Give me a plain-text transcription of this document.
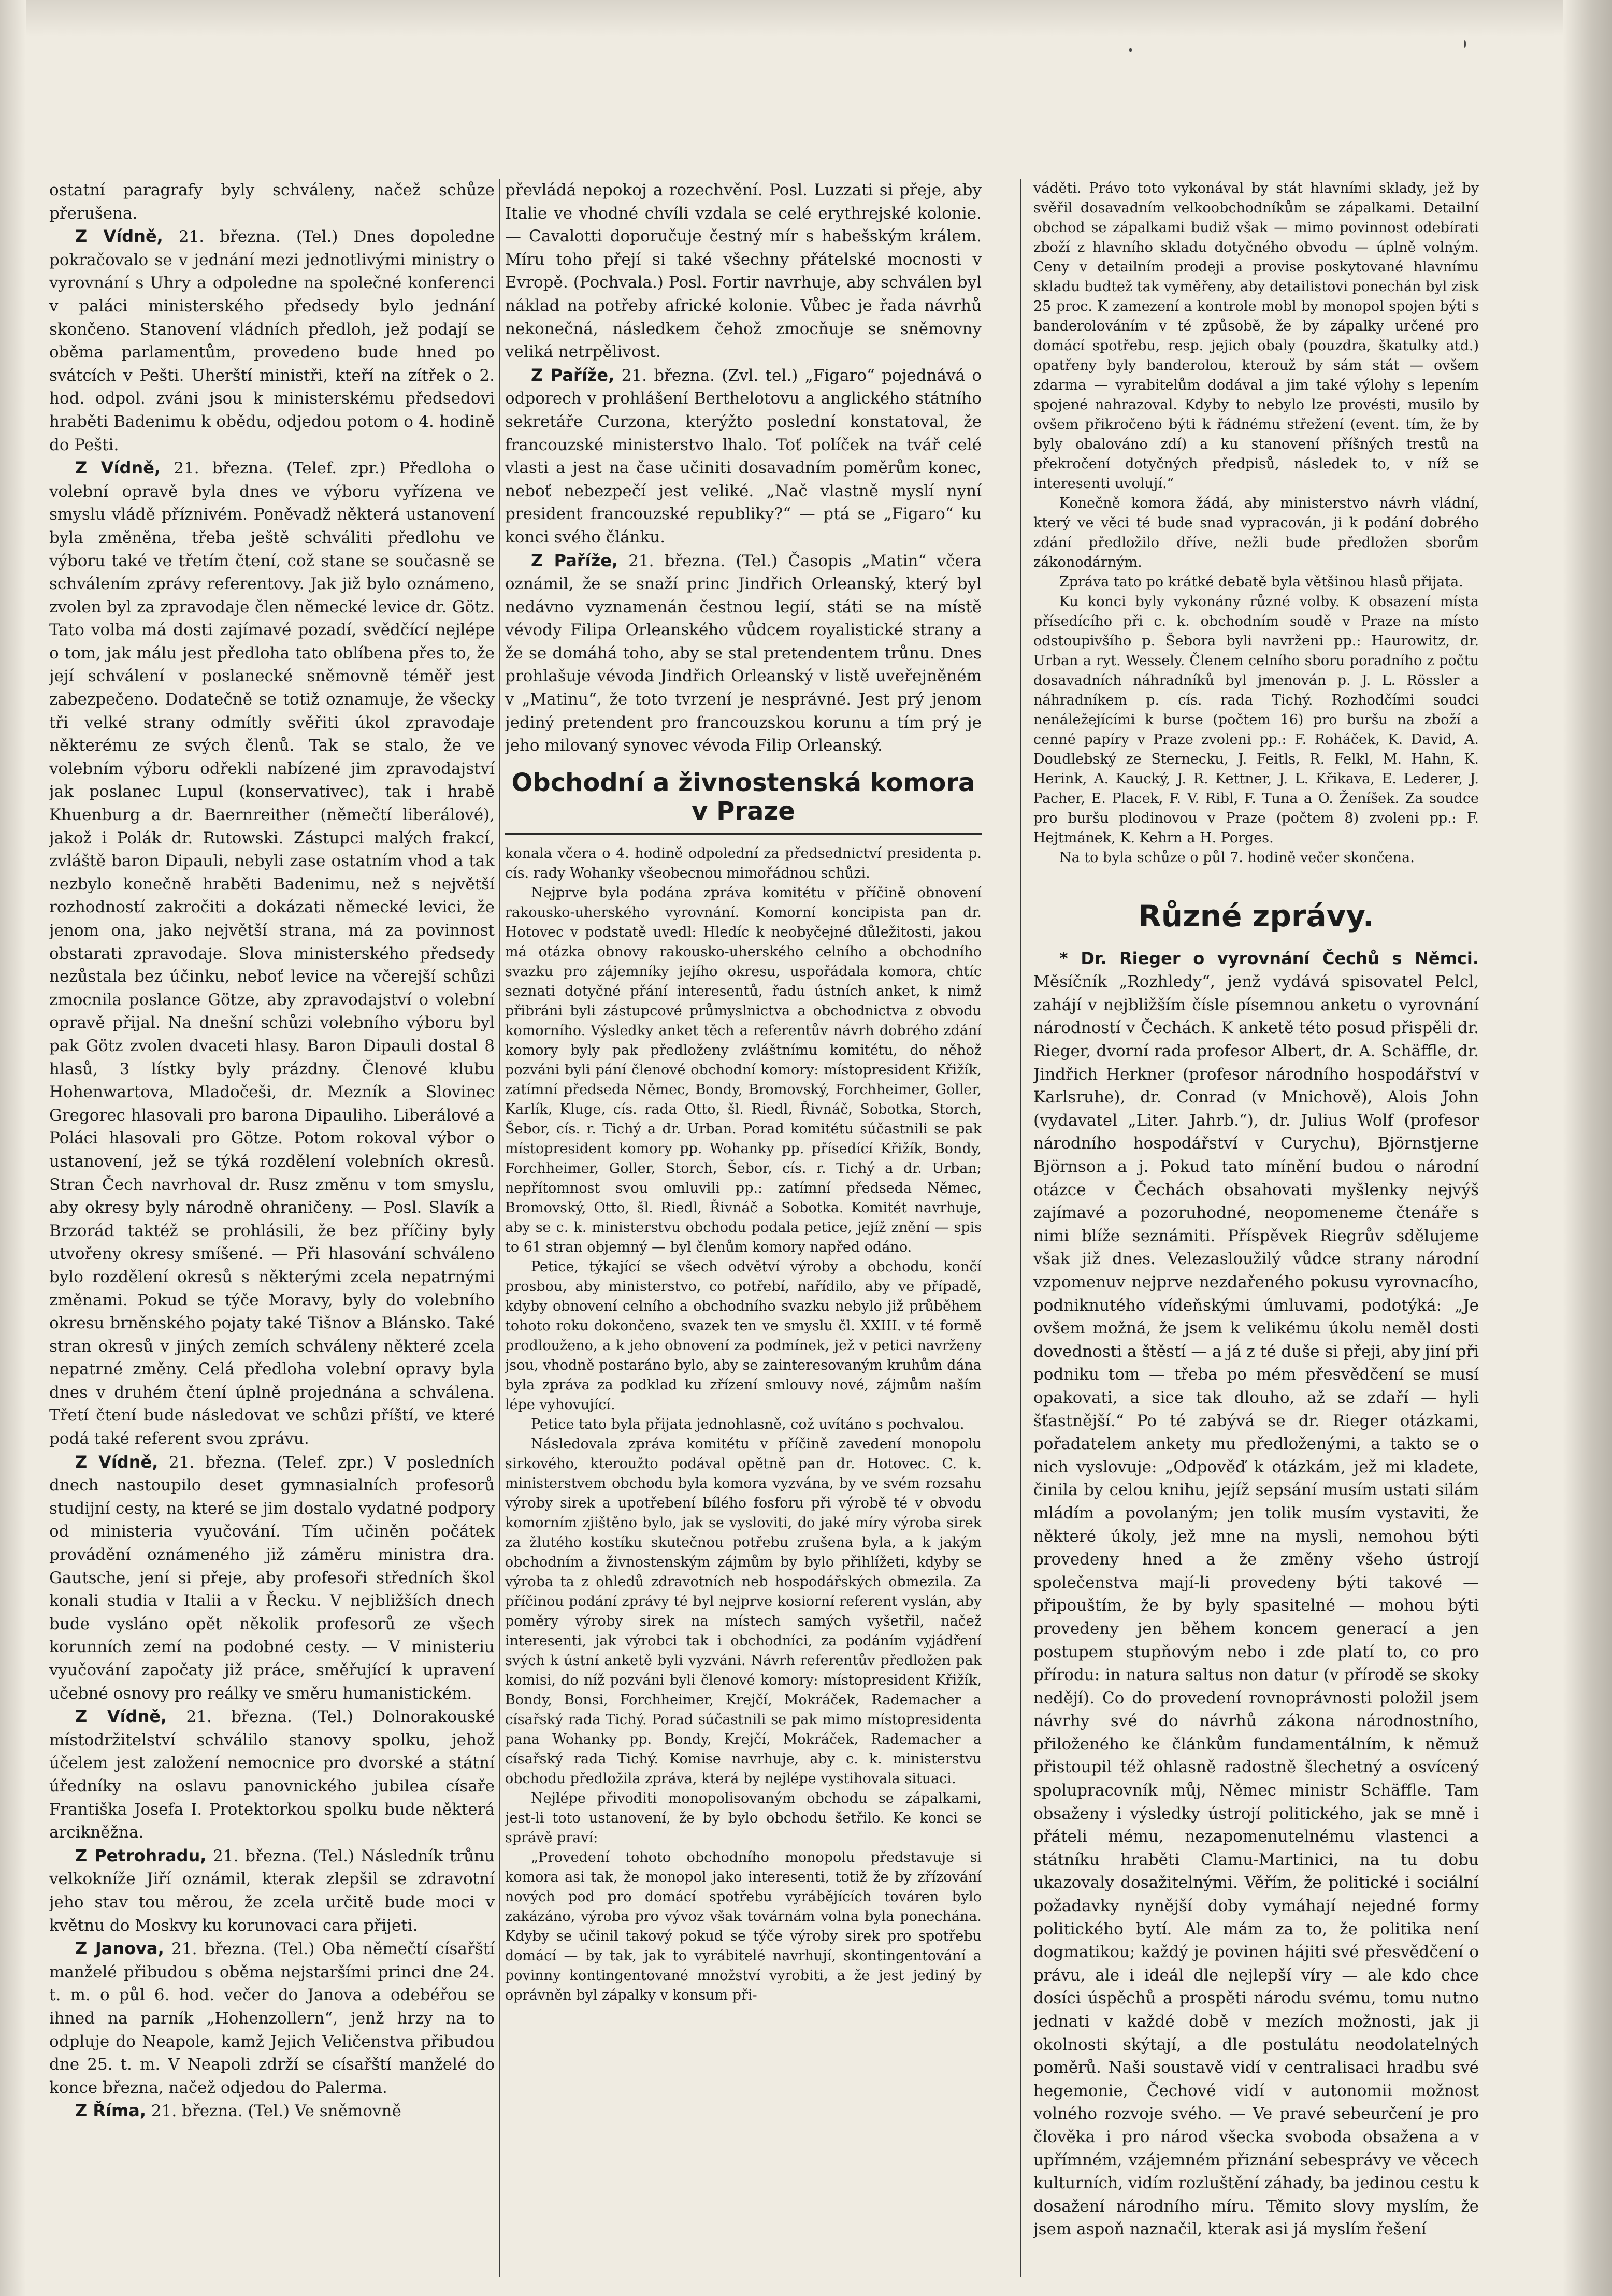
ostatní paragrafy byly schváleny, načež schůze přerušena.

Z Vídně, 21. března. (Tel.) Dnes dopoledne pokračovalo se v jednání mezi jednotlivými ministry o vyrovnání s Uhry a odpoledne na společné konferenci v paláci ministerského předsedy bylo jednání skončeno. Stanovení vládních předloh, jež podají se oběma parlamentům, provedeno bude hned po svátcích v Pešti. Uherští ministři, kteří na zítřek o 2. hod. odpol. zváni jsou k ministerskému předsedovi hraběti Badenimu k obědu, odjedou potom o 4. hodině do Pešti.

Z Vídně, 21. března. (Telef. zpr.) Předloha o volební opravě byla dnes ve výboru vyřízena ve smyslu vládě příznivém. Poněvadž některá ustanovení byla změněna, třeba ještě schváliti předlohu ve výboru také ve třetím čtení, což stane se současně se schválením zprávy referentovy. Jak již bylo oznámeno, zvolen byl za zpravodaje člen německé levice dr. Götz. Tato volba má dosti zajímavé pozadí, svědčící nejlépe o tom, jak málu jest předloha tato oblíbena přes to, že její schválení v poslanecké sněmovně téměř jest zabezpečeno. Dodatečně se totiž oznamuje, že všecky tři velké strany odmítly svěřiti úkol zpravodaje některému ze svých členů. Tak se stalo, že ve volebním výboru odřekli nabízené jim zpravodajství jak poslanec Lupul (konservativec), tak i hrabě Khuenburg a dr. Baernreither (němečtí liberálové), jakož i Polák dr. Rutowski. Zástupci malých frakcí, zvláště baron Dipauli, nebyli zase ostatním vhod a tak nezbylo konečně hraběti Badenimu, než s největší rozhodností zakročiti a dokázati německé levici, že jenom ona, jako největší strana, má za povinnost obstarati zpravodaje. Slova ministerského předsedy nezůstala bez účinku, neboť levice na včerejší schůzi zmocnila poslance Götze, aby zpravodajství o volební opravě přijal. Na dnešní schůzi volebního výboru byl pak Götz zvolen dvaceti hlasy. Baron Dipauli dostal 8 hlasů, 3 lístky byly prázdny. Členové klubu Hohenwartova, Mladočeši, dr. Mezník a Slovinec Gregorec hlasovali pro barona Dipauliho. Liberálové a Poláci hlasovali pro Götze. Potom rokoval výbor o ustanovení, jež se týká rozdělení volebních okresů. Stran Čech navrhoval dr. Rusz změnu v tom smyslu, aby okresy byly národně ohraničeny. — Posl. Slavík a Brzorád taktéž se prohlásili, že bez příčiny byly utvořeny okresy smíšené. — Při hlasování schváleno bylo rozdělení okresů s některými zcela nepatrnými změnami. Pokud se týče Moravy, byly do volebního okresu brněnského pojaty také Tišnov a Blánsko. Také stran okresů v jiných zemích schváleny některé zcela nepatrné změny. Celá předloha volební opravy byla dnes v druhém čtení úplně projednána a schválena. Třetí čtení bude následovat ve schůzi příští, ve které podá také referent svou zprávu.

Z Vídně, 21. března. (Telef. zpr.) V posledních dnech nastoupilo deset gymnasialních profesorů studijní cesty, na které se jim dostalo vydatné podpory od ministeria vyučování. Tím učiněn počátek provádění oznámeného již záměru ministra dra. Gautsche, jení si přeje, aby profesoři středních škol konali studia v Italii a v Řecku. V nejbližších dnech bude vysláno opět několik profesorů ze všech korunních zemí na podobné cesty. — V ministeriu vyučování započaty již práce, směřující k upravení učebné osnovy pro reálky ve směru humanistickém.

Z Vídně, 21. března. (Tel.) Dolnorakouské místodržitelství schválilo stanovy spolku, jehož účelem jest založení nemocnice pro dvorské a státní úředníky na oslavu panovnického jubilea císaře Františka Josefa I. Protektorkou spolku bude některá arcikněžna.

Z Petrohradu, 21. března. (Tel.) Následník trůnu velkokníže Jiří oznámil, kterak zlepšil se zdravotní jeho stav tou měrou, že zcela určitě bude moci v květnu do Moskvy ku korunovaci cara přijeti.

Z Janova, 21. března. (Tel.) Oba němečtí císařští manželé přibudou s oběma nejstaršími princi dne 24. t. m. o půl 6. hod. večer do Janova a odebéřou se ihned na parník „Hohenzollern“, jenž hrzy na to odpluje do Neapole, kamž Jejich Veličenstva přibudou dne 25. t. m. V Neapoli zdrží se císařští manželé do konce března, načež odjedou do Palerma.

Z Říma, 21. března. (Tel.) Ve sněmovně

převládá nepokoj a rozechvění. Posl. Luzzati si přeje, aby Italie ve vhodné chvíli vzdala se celé erythrejské kolonie. — Cavalotti doporučuje čestný mír s habešským králem. Míru toho přejí si také všechny přátelské mocnosti v Evropě. (Pochvala.) Posl. Fortir navrhuje, aby schválen byl náklad na potřeby africké kolonie. Vůbec je řada návrhů nekonečná, následkem čehož zmocňuje se sněmovny veliká netrpělivost.

Z Paříže, 21. března. (Zvl. tel.) „Figaro“ pojednává o odporech v prohlášení Berthelotovu a anglického státního sekretáře Curzona, kterýžto poslední konstatoval, že francouzské ministerstvo lhalo. Toť políček na tvář celé vlasti a jest na čase učiniti dosavadním poměrům konec, neboť nebezpečí jest veliké. „Nač vlastně myslí nyní president francouzské republiky?“ — ptá se „Figaro“ ku konci svého článku.

Z Paříže, 21. března. (Tel.) Časopis „Matin“ včera oznámil, že se snaží princ Jindřich Orleanský, který byl nedávno vyznamenán čestnou legií, státi se na místě vévody Filipa Orleanského vůdcem royalistické strany a že se domáhá toho, aby se stal pretendentem trůnu. Dnes prohlašuje vévoda Jindřich Orleanský v listě uveřejněném v „Matinu“, že toto tvrzení je nesprávné. Jest prý jenom jediný pretendent pro francouzskou korunu a tím prý je jeho milovaný synovec vévoda Filip Orleanský.

Obchodní a živnostenská komora v Praze

konala včera o 4. hodině odpolední za předsednictví presidenta p. cís. rady Wohanky všeobecnou mimořádnou schůzi.

Nejprve byla podána zpráva komitétu v příčině obnovení rakousko-uherského vyrovnání. Komorní koncipista pan dr. Hotovec v podstatě uvedl: Hledíc k neobyčejné důležitosti, jakou má otázka obnovy rakousko-uherského celního a obchodního svazku pro zájemníky jejího okresu, uspořádala komora, chtíc seznati dotyčné přání interesentů, řadu ústních anket, k nimž přibráni byli zástupcové průmyslnictva a obchodnictva z obvodu komorního. Výsledky anket těch a referentův návrh dobrého zdání komory byly pak předloženy zvláštnímu komitétu, do něhož pozváni byli pání členové obchodní komory: místopresident Křižík, zatímní předseda Němec, Bondy, Bromovský, Forchheimer, Goller, Karlík, Kluge, cís. rada Otto, šl. Riedl, Řivnáč, Sobotka, Storch, Šebor, cís. r. Tichý a dr. Urban. Porad komitétu súčastnili se pak místopresident komory pp. Wohanky pp. přísedící Křižík, Bondy, Forchheimer, Goller, Storch, Šebor, cís. r. Tichý a dr. Urban; nepřítomnost svou omluvili pp.: zatímní předseda Němec, Bromovský, Otto, šl. Riedl, Řivnáč a Sobotka. Komitét navrhuje, aby se c. k. ministerstvu obchodu podala petice, jejíž znění — spis to 61 stran objemný — byl členům komory napřed odáno.

Petice, týkající se všech odvětví výroby a obchodu, končí prosbou, aby ministerstvo, co potřebí, nařídilo, aby ve případě, kdyby obnovení celního a obchodního svazku nebylo již průběhem tohoto roku dokončeno, svazek ten ve smyslu čl. XXIII. v té formě prodlouženo, a k jeho obnovení za podmínek, jež v petici navrženy jsou, vhodně postaráno bylo, aby se zainteresovaným kruhům dána byla zpráva za podklad ku zřízení smlouvy nové, zájmům naším lépe vyhovující.

Petice tato byla přijata jednohlasně, což uvítáno s pochvalou.

Následovala zpráva komitétu v příčině zavedení monopolu sirkového, kteroužto podával opětně pan dr. Hotovec. C. k. ministerstvem obchodu byla komora vyzvána, by ve svém rozsahu výroby sirek a upotřebení bílého fosforu při výrobě té v obvodu komorním zjištěno bylo, jak se vysloviti, do jaké míry výroba sirek za žlutého kostíku skutečnou potřebu zrušena byla, a k jakým obchodním a živnostenským zájmům by bylo přihlížeti, kdyby se výroba ta z ohledů zdravotních neb hospodářských obmezila. Za příčinou podání zprávy té byl nejprve kosiorní referent vyslán, aby poměry výroby sirek na místech samých vyšetřil, načež interesenti, jak výrobci tak i obchodníci, za podáním vyjádření svých k ústní anketě byli vyzváni. Návrh referentův předložen pak komisi, do níž pozváni byli členové komory: místopresident Křižík, Bondy, Bonsi, Forchheimer, Krejčí, Mokráček, Rademacher a císařský rada Tichý. Porad súčastnili se pak mimo místopresidenta pana Wohanky pp. Bondy, Krejčí, Mokráček, Rademacher a císařský rada Tichý. Komise navrhuje, aby c. k. ministerstvu obchodu předložila zpráva, která by nejlépe vystihovala situaci.

Nejlépe přivoditi monopolisovaným obchodu se zápalkami, jest-li toto ustanovení, že by bylo obchodu šetřilo. Ke konci se správě praví:

„Provedení tohoto obchodního monopolu představuje si komora asi tak, že monopol jako interesenti, totiž že by zřízování nových pod pro domácí spotřebu vyrábějících továren bylo zakázáno, výroba pro vývoz však továrnám volna byla ponechána. Kdyby se učinil takový pokud se týče výroby sirek pro spotřebu domácí — by tak, jak to vyrábitelé navrhují, skontingentování a povinny kontingentované množství vyrobiti, a že jest jediný by oprávněn byl zápalky v konsum při-

váděti. Právo toto vykonával by stát hlavními sklady, jež by svěřil dosavadním velkoobchodníkům se zápalkami. Detailní obchod se zápalkami budiž však — mimo povinnost odebírati zboží z hlavního skladu dotyčného obvodu — úplně volným. Ceny v detailním prodeji a provise poskytované hlavnímu skladu budtež tak vyměřeny, aby detailistovi ponechán byl zisk 25 proc. K zamezení a kontrole mobl by monopol spojen býti s banderolováním v té způsobě, že by zápalky určené pro domácí spotřebu, resp. jejich obaly (pouzdra, škatulky atd.) opatřeny byly banderolou, kterouž by sám stát — ovšem zdarma — vyrabitelům dodával a jim také výlohy s lepením spojené nahrazoval. Kdyby to nebylo lze provésti, musilo by ovšem přikročeno býti k řádnému střežení (event. tím, že by byly obalováno zdí) a ku stanovení příšných trestů na překročení dotyčných předpisů, následek to, v níž se interesenti uvolují.“

Konečně komora žádá, aby ministerstvo návrh vládní, který ve věci té bude snad vypracován, ji k podání dobrého zdání předložilo dříve, nežli bude předložen sborům zákonodárným.

Zpráva tato po krátké debatě byla většinou hlasů přijata.

Ku konci byly vykonány různé volby. K obsazení místa přísedícího při c. k. obchodním soudě v Praze na místo odstoupivšího p. Šebora byli navrženi pp.: Haurowitz, dr. Urban a ryt. Wessely. Členem celního sboru poradního z počtu dosavadních náhradníků byl jmenován p. J. L. Rössler a náhradníkem p. cís. rada Tichý. Rozhodčími soudci nenáležejícími k burse (počtem 16) pro buršu na zboží a cenné papíry v Praze zvoleni pp.: F. Roháček, K. David, A. Doudlebský ze Sternecku, J. Feitls, R. Felkl, M. Hahn, K. Herink, A. Kaucký, J. R. Kettner, J. L. Křikava, E. Lederer, J. Pacher, E. Placek, F. V. Ribl, F. Tuna a O. Ženíšek. Za soudce pro buršu plodinovou v Praze (počtem 8) zvoleni pp.: F. Hejtmánek, K. Kehrn a H. Porges.

Na to byla schůze o půl 7. hodině večer skončena.

Různé zprávy.

* Dr. Rieger o vyrovnání Čechů s Němci. Měsíčník „Rozhledy“, jenž vydává spisovatel Pelcl, zahájí v nejbližším čísle písemnou anketu o vyrovnání národností v Čechách. K anketě této posud přispěli dr. Rieger, dvorní rada profesor Albert, dr. A. Schäffle, dr. Jindřich Herkner (profesor národního hospodářství v Karlsruhe), dr. Conrad (v Mnichově), Alois John (vydavatel „Liter. Jahrb.“), dr. Julius Wolf (profesor národního hospodářství v Curychu), Björnstjerne Björnson a j. Pokud tato mínění budou o národní otázce v Čechách obsahovati myšlenky nejvýš zajímavé a pozoruhodné, neopomeneme čtenáře s nimi blíže seznámiti. Příspěvek Riegrův sdělujeme však již dnes. Velezasloužilý vůdce strany národní vzpomenuv nejprve nezdařeného pokusu vyrovnacího, podniknutého vídeňskými úmluvami, podotýká: „Je ovšem možná, že jsem k velikému úkolu neměl dosti dovednosti a štěstí — a já z té duše si přeji, aby jiní při podniku tom — třeba po mém přesvědčení se musí opakovati, a sice tak dlouho, až se zdaří — hyli šťastnější.“ Po té zabývá se dr. Rieger otázkami, pořadatelem ankety mu předloženými, a takto se o nich vyslovuje: „Odpověď k otázkám, jež mi kladete, činila by celou knihu, jejíž sepsání musím ustati silám mládím a povolaným; jen tolik musím vystaviti, že některé úkoly, jež mne na mysli, nemohou býti provedeny hned a že změny všeho ústrojí společenstva mají-li provedeny býti takové — připouštím, že by byly spasitelné — mohou býti provedeny jen během koncem generací a jen postupem stupňovým nebo i zde platí to, co pro přírodu: in natura saltus non datur (v přírodě se skoky nedějí). Co do provedení rovnoprávnosti položil jsem návrhy své do návrhů zákona národnostního, přiloženého ke článkům fundamentálním, k němuž přistoupil též ohlasně radostně šlechetný a osvícený spolupracovník můj, Němec ministr Schäffle. Tam obsaženy i výsledky ústrojí politického, jak se mně i přáteli mému, nezapomenutelnému vlastenci a státníku hraběti Clamu-Martinici, na tu dobu ukazovaly dosažitelnými. Věřím, že politické i sociální požadavky nynější doby vymáhají nejedné formy politického bytí. Ale mám za to, že politika není dogmatikou; každý je povinen hájiti své přesvědčení o právu, ale i ideál dle nejlepší víry — ale kdo chce dosíci úspěchů a prospěti národu svému, tomu nutno jednati v každé době v mezích možnosti, jak ji okolnosti skýtají, a dle postulátu neodolatelných poměrů. Naši soustavě vidí v centralisaci hradbu své hegemonie, Čechové vidí v autonomii možnost volného rozvoje svého. — Ve pravé sebeurčení je pro člověka i pro národ všecka svoboda obsažena a v upřímném, vzájemném přiznání sebesprávy ve věcech kulturních, vidím rozluštění záhady, ba jedinou cestu k dosažení národního míru. Těmito slovy myslím, že jsem aspoň naznačil, kterak asi já myslím řešení
